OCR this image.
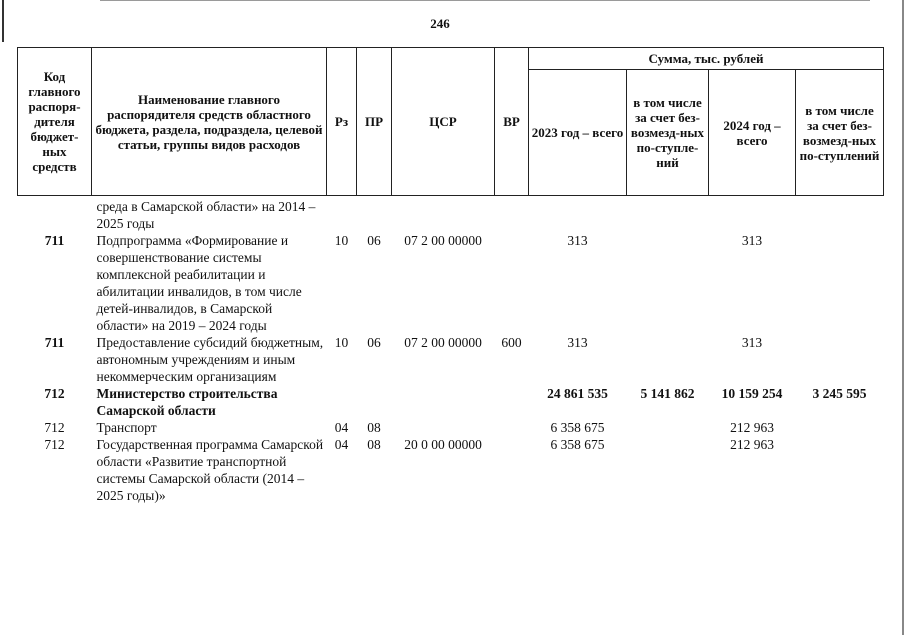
246
Код главного распоря-дителя бюджет-ных средств	Наименование главного распорядителя средств областного бюджета, раздела, подраздела, целевой статьи, группы видов расходов	Рз	ПР	ЦСР	ВР	Сумма, тыс. рублей			
						2023 год – всего	в том числе за счет без-возмезд-ных по-ступле-ний	2024 год – всего	в том числе за счет без-возмезд-ных по-ступлений
	среда в Самарской области» на 2014 – 2025 годы								
711	Подпрограмма «Формирование и совершенствование системы комплексной реабилитации и абилитации инвалидов, в том числе детей-инвалидов, в Самарской области» на 2019 – 2024 годы	10	06	07 2 00 00000		313		313	
711	Предоставление субсидий бюджетным, автономным учреждениям и иным некоммерческим организациям	10	06	07 2 00 00000	600	313		313	
712	Министерство строительства Самарской области					24 861 535	5 141 862	10 159 254	3 245 595
712	Транспорт	04	08			6 358 675		212 963	
712	Государственная программа Самарской области «Развитие транспортной системы Самарской области (2014 – 2025 годы)»	04	08	20 0 00 00000		6 358 675		212 963	
